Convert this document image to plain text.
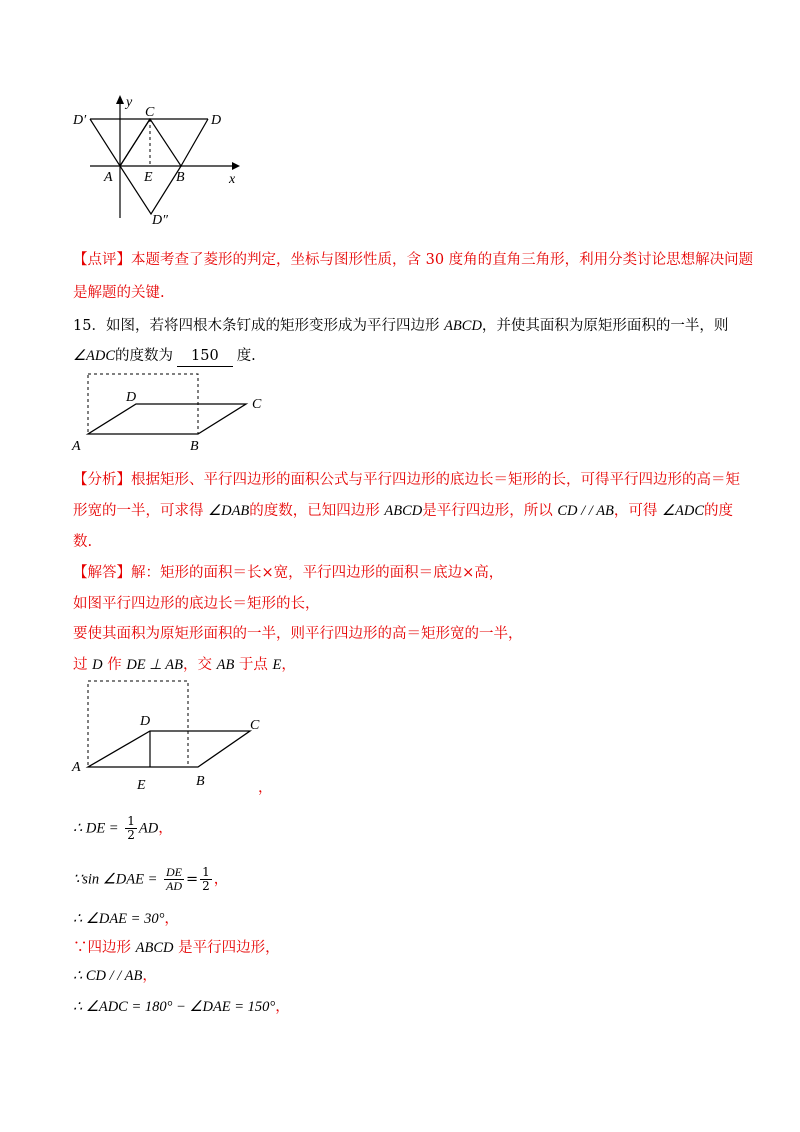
y
x
D′
C
D
A E B
D″
【点评】本题考查了菱形的判定，坐标与图形性质，含 30 度角的直角三角形，利用分类讨论思想解决问题
是解题的关键.
15．如图，若将四根木条钉成的矩形变形成为平行四边形 ABCD，并使其面积为原矩形面积的一半，则
∠ADC的度数为 150 度.
A	B
C
D
【分析】根据矩形、平行四边形的面积公式与平行四边形的底边长＝矩形的长，可得平行四边形的高＝矩
形宽的一半，可求得 ∠DAB的度数，已知四边形 ABCD是平行四边形，所以 CD / / AB，可得 ∠ADC的度
数.
【解答】解：矩形的面积＝长×宽，平行四边形的面积＝底边×高，
如图平行四边形的底边长＝矩形的长，
要使其面积为原矩形面积的一半，则平行四边形的高＝矩形宽的一半，
过 D 作 DE ⊥ AB，交 AB 于点 E，
A
B
C
D
E	，
∴ DE = $\frac{1}{2}$ AD，
∵sin ∠DAE = $\frac{DE}{AD} = \frac{1}{2}$ ，
∴ ∠DAE = 30°，
∵四边形 ABCD 是平行四边形，
∴ CD / / AB，
∴ ∠ADC = 180° − ∠DAE = 150°，
